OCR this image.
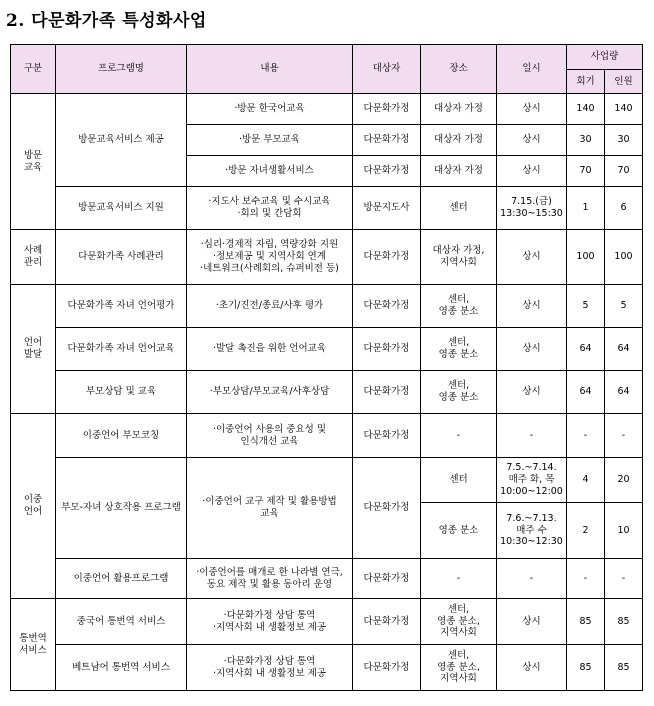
2. 다문화가족 특성화사업
구분	프로그램명	내용	대상자	장소	일시	사업량	
						회기	인원

방문
교육	방문교육서비스 제공	·방문 한국어교육	다문화가정	대상자 가정	상시	140	140

		·방문 부모교육	다문화가정	대상자 가정	상시	30	30

		·방문 자녀생활서비스	다문화가정	대상자 가정	상시	70	70
	방문교육서비스 지원	·지도사 보수교육 및 수시교육
·회의 및 간담회	방문지도사	센터	7.15.(금)
13:30~15:30	1	6

사례
관리	다문화가족 사례관리	·심리·경제적 자립, 역량강화 지원
·정보제공 및 지역사회 연계
·네트워크(사례회의, 슈퍼비전 등)	다문화가정	대상자 가정,
지역사회	상시	100	100

언어
발달	다문화가족 자녀 언어평가	·초기/진전/종료/사후 평가	다문화가정	센터,
영종 분소	상시	5	5
	다문화가족 자녀 언어교육	·발달 촉진을 위한 언어교육	다문화가정	센터,
영종 분소	상시	64	64
	부모상담 및 교육	·부모상담/부모교육/사후상담	다문화가정	센터,
영종 분소	상시	64	64

이중
언어	이중언어 부모코칭	·이중언어 사용의 중요성 및
인식개선 교육	다문화가정	-	-	-	-
	부모-자녀 상호작용 프로그램	·이중언어 교구 제작 및 활용방법
교육	다문화가정	센터	7.5.~7.14.
매주 화, 목
10:00~12:00	4	20

				영종 분소	7.6.~7.13.
매주 수
10:30~12:30	2	10
	이중언어 활용프로그램	·이중언어를 매개로 한 나라별 연극,
동요 제작 및 활용 동아리 운영	다문화가정	-	-	-	-

통번역
서비스	중국어 통번역 서비스	·다문화가정 상담 통역
·지역사회 내 생활정보 제공	다문화가정	센터,
영종 분소,
지역사회	상시	85	85
	베트남어 통번역 서비스	·다문화가정 상담 통역
·지역사회 내 생활정보 제공	다문화가정	센터,
영종 분소,
지역사회	상시	85	85
